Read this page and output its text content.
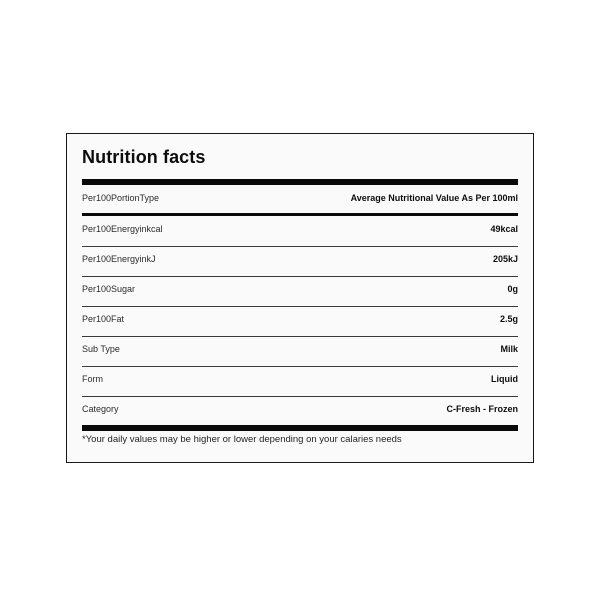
Nutrition facts
Per100PortionType	Average Nutritional Value As Per 100ml
Per100Energyinkcal	49kcal
Per100EnergyinkJ	205kJ
Per100Sugar	0g
Per100Fat	2.5g
Sub Type	Milk
Form	Liquid
Category	C-Fresh - Frozen
*Your daily values may be higher or lower depending on your calaries needs
